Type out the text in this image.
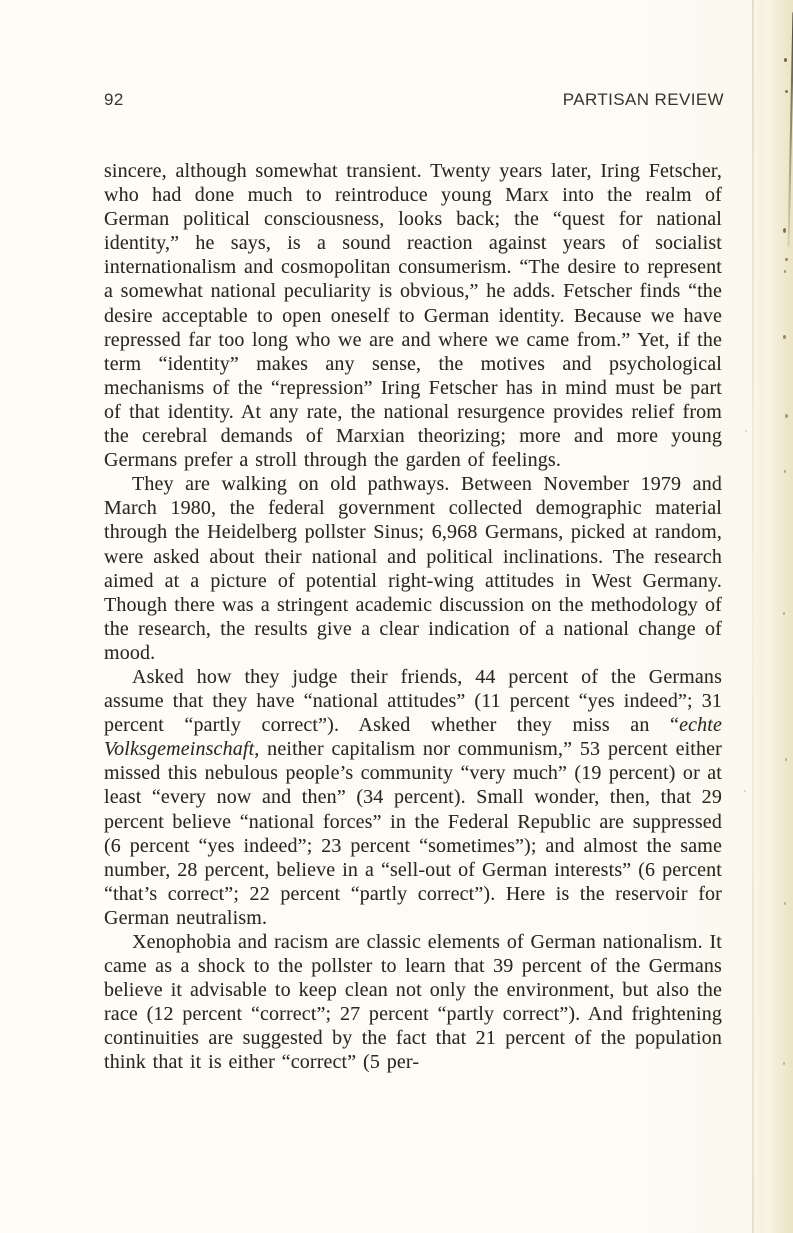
92	PARTISAN REVIEW

sincere, although somewhat transient. Twenty years later, Iring Fetscher, who had done much to reintroduce young Marx into the realm of German political consciousness, looks back; the “quest for national identity,” he says, is a sound reaction against years of socialist internationalism and cosmopolitan consumerism. “The desire to represent a somewhat national peculiarity is obvious,” he adds. Fetscher finds “the desire acceptable to open oneself to German identity. Because we have repressed far too long who we are and where we came from.” Yet, if the term “identity” makes any sense, the motives and psychological mechanisms of the “repression” Iring Fetscher has in mind must be part of that identity. At any rate, the national resurgence provides relief from the cerebral demands of Marxian theorizing; more and more young Germans prefer a stroll through the garden of feelings.

They are walking on old pathways. Between November 1979 and March 1980, the federal government collected demographic material through the Heidelberg pollster Sinus; 6,968 Germans, picked at random, were asked about their national and political inclinations. The research aimed at a picture of potential right-wing attitudes in West Germany. Though there was a stringent academic discussion on the methodology of the research, the results give a clear indication of a national change of mood.

Asked how they judge their friends, 44 percent of the Germans assume that they have “national attitudes” (11 percent “yes indeed”; 31 percent “partly correct”). Asked whether they miss an “echte Volksgemeinschaft, neither capitalism nor communism,” 53 percent either missed this nebulous people’s community “very much” (19 percent) or at least “every now and then” (34 percent). Small wonder, then, that 29 percent believe “national forces” in the Federal Republic are suppressed (6 percent “yes indeed”; 23 percent “sometimes”); and almost the same number, 28 percent, believe in a “sell-out of German interests” (6 percent “that’s correct”; 22 percent “partly correct”). Here is the reservoir for German neutralism.

Xenophobia and racism are classic elements of German nationalism. It came as a shock to the pollster to learn that 39 percent of the Germans believe it advisable to keep clean not only the environment, but also the race (12 percent “correct”; 27 percent “partly correct”). And frightening continuities are suggested by the fact that 21 percent of the population think that it is either “correct” (5 per-
